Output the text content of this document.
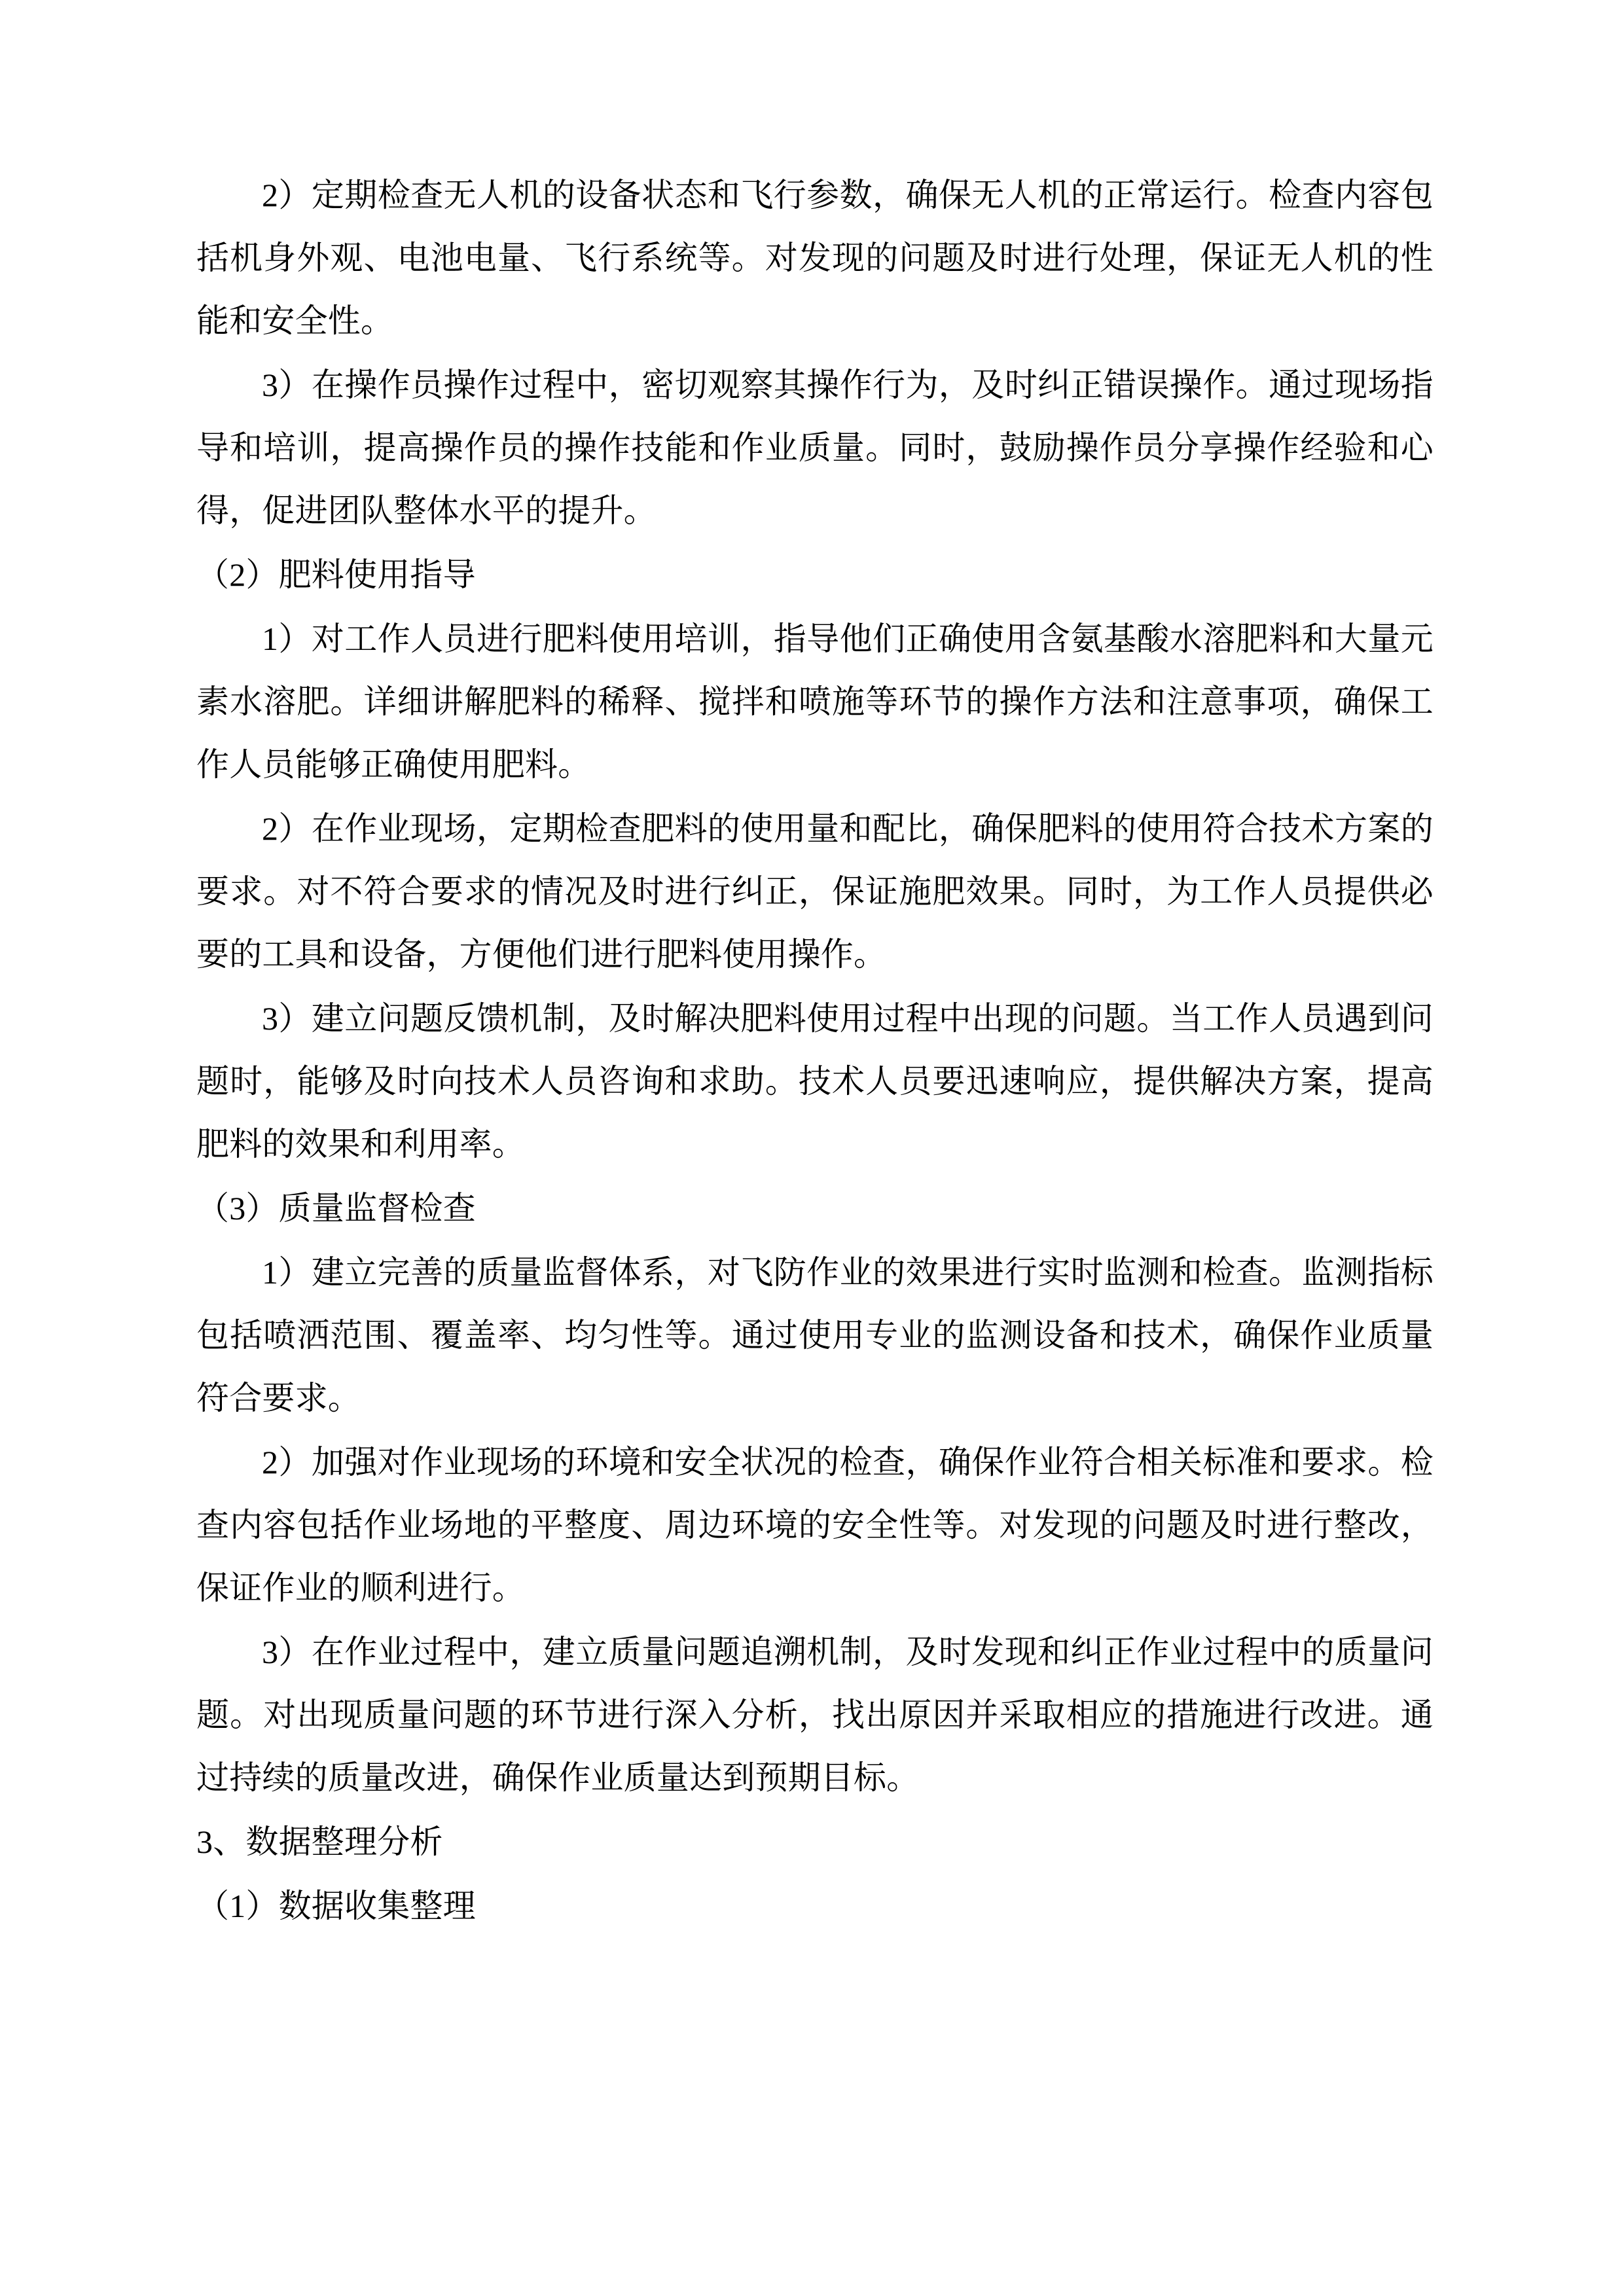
2）定期检查无人机的设备状态和飞行参数，确保无人机的正常运行。检查内容包括机身外观、电池电量、飞行系统等。对发现的问题及时进行处理，保证无人机的性能和安全性。

3）在操作员操作过程中，密切观察其操作行为，及时纠正错误操作。通过现场指导和培训，提高操作员的操作技能和作业质量。同时，鼓励操作员分享操作经验和心得，促进团队整体水平的提升。

（2）肥料使用指导

1）对工作人员进行肥料使用培训，指导他们正确使用含氨基酸水溶肥料和大量元素水溶肥。详细讲解肥料的稀释、搅拌和喷施等环节的操作方法和注意事项，确保工作人员能够正确使用肥料。

2）在作业现场，定期检查肥料的使用量和配比，确保肥料的使用符合技术方案的要求。对不符合要求的情况及时进行纠正，保证施肥效果。同时，为工作人员提供必要的工具和设备，方便他们进行肥料使用操作。

3）建立问题反馈机制，及时解决肥料使用过程中出现的问题。当工作人员遇到问题时，能够及时向技术人员咨询和求助。技术人员要迅速响应，提供解决方案，提高肥料的效果和利用率。

（3）质量监督检查

1）建立完善的质量监督体系，对飞防作业的效果进行实时监测和检查。监测指标包括喷洒范围、覆盖率、均匀性等。通过使用专业的监测设备和技术，确保作业质量符合要求。

2）加强对作业现场的环境和安全状况的检查，确保作业符合相关标准和要求。检查内容包括作业场地的平整度、周边环境的安全性等。对发现的问题及时进行整改，保证作业的顺利进行。

3）在作业过程中，建立质量问题追溯机制，及时发现和纠正作业过程中的质量问题。对出现质量问题的环节进行深入分析，找出原因并采取相应的措施进行改进。通过持续的质量改进，确保作业质量达到预期目标。

3、数据整理分析

（1）数据收集整理
